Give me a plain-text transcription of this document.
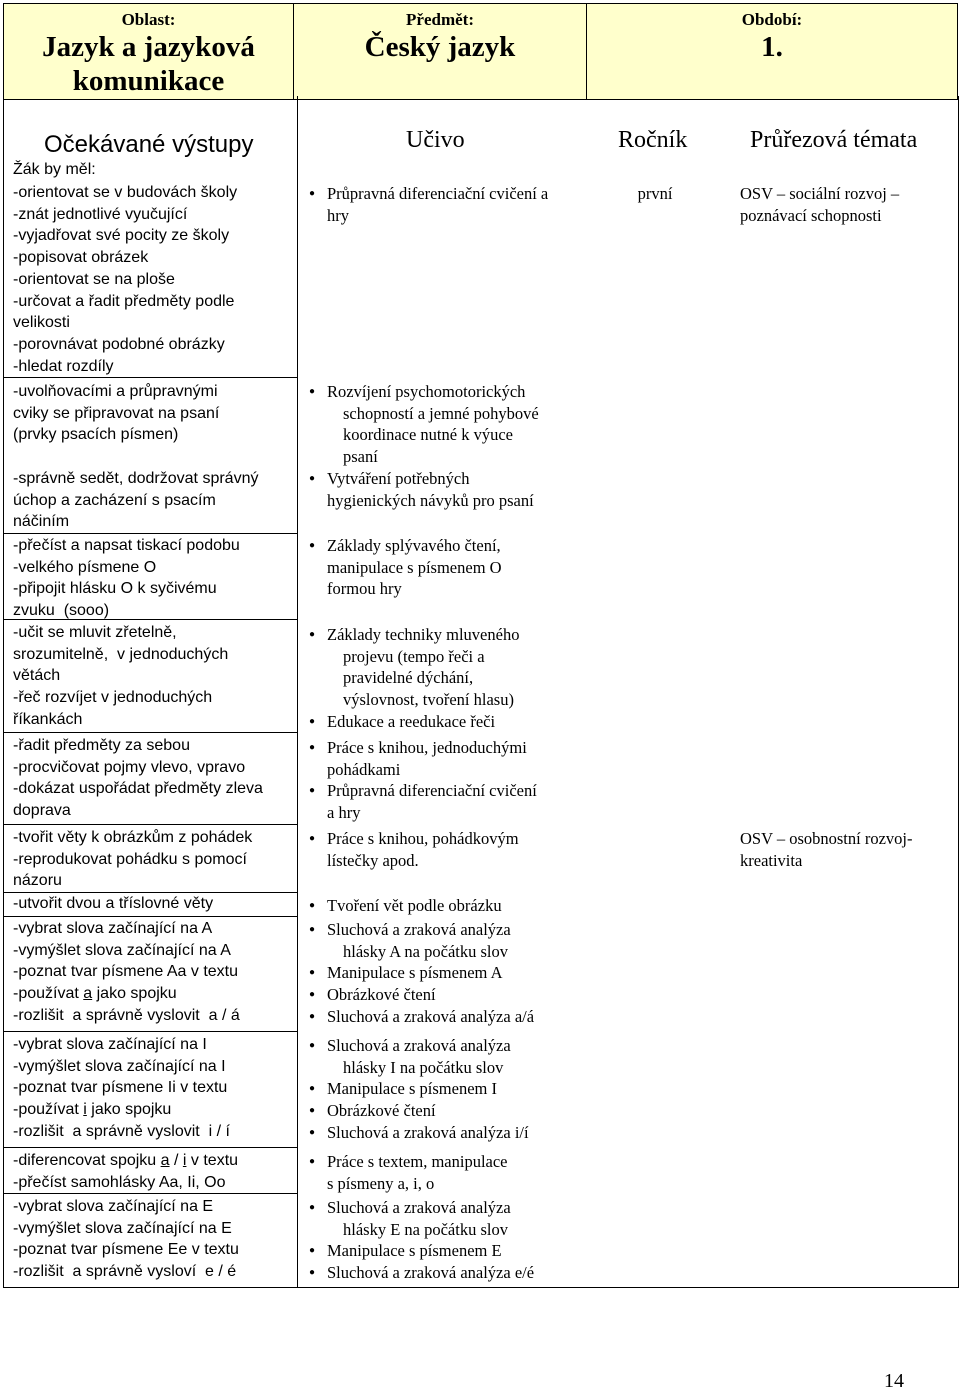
Oblast:
Jazyk a jazyková komunikace

Předmět:
Český jazyk

Období:
1.
Očekávané výstupy	Učivo	Ročník	Průřezová témata
Žák by měl:
-orientovat se v budovách školy
-znát jednotlivé vyučující
-vyjadřovat své pocity ze školy
-popisovat obrázek
-orientovat se na ploše
-určovat a řadit předměty podle
velikosti
-porovnávat podobné obrázky
-hledat rozdíly
● Průpravná diferenciační cvičení a hry
první	OSV – sociální rozvoj – poznávací schopnosti
-uvolňovacími a průpravnými
cviky se připravovat na psaní
(prvky psacích písmen)

-správně sedět, dodržovat správný
úchop a zacházení s psacím
náčiním
● Rozvíjení psychomotorických
schopností a jemné pohybové
koordinace nutné k výuce
psaní
● Vytváření potřebných
hygienických návyků pro psaní
-přečíst a napsat tiskací podobu
-velkého písmene O
-připojit hlásku O k syčivému
zvuku  (sooo)
● Základy splývavého čtení,
manipulace s písmenem O
formou hry
-učit se mluvit zřetelně,
srozumitelně,  v jednoduchých
větách
-řeč rozvíjet v jednoduchých
říkankách
● Základy techniky mluveného
projevu (tempo řeči a
pravidelné dýchání,
výslovnost, tvoření hlasu)
● Edukace a reedukace řeči
-řadit předměty za sebou
-procvičovat pojmy vlevo, vpravo
-dokázat uspořádat předměty zleva
doprava
● Práce s knihou, jednoduchými
pohádkami
● Průpravná diferenciační cvičení
a hry
-tvořit věty k obrázkům z pohádek
-reprodukovat pohádku s pomocí
názoru
● Práce s knihou, pohádkovým
lístečky apod.
OSV – osobnostní rozvoj- kreativita
-utvořit dvou a tříslovné věty
●	Tvoření vět podle obrázku
-vybrat slova začínající na A
-vymýšlet slova začínající na A
-poznat tvar písmene Aa v textu
-používat a jako spojku
-rozlišit  a správně vyslovit  a / á
● Sluchová a zraková analýza
hlásky A na počátku slov
● Manipulace s písmenem A
● Obrázkové čtení
● Sluchová a zraková analýza a/á
-vybrat slova začínající na I
-vymýšlet slova začínající na I
-poznat tvar písmene Ii v textu
-používat i jako spojku
-rozlišit  a správně vyslovit  i / í
● Sluchová a zraková analýza
hlásky I na počátku slov
● Manipulace s písmenem I
● Obrázkové čtení
● Sluchová a zraková analýza i/í
-diferencovat spojku a / i v textu
-přečíst samohlásky Aa, Ii, Oo
● Práce s textem, manipulace
s písmeny a, i, o
-vybrat slova začínající na E
-vymýšlet slova začínající na E
-poznat tvar písmene Ee v textu
-rozlišit  a správně vysloví  e / é
● Sluchová a zraková analýza
hlásky E na počátku slov
● Manipulace s písmenem E
● Sluchová a zraková analýza e/é
14
